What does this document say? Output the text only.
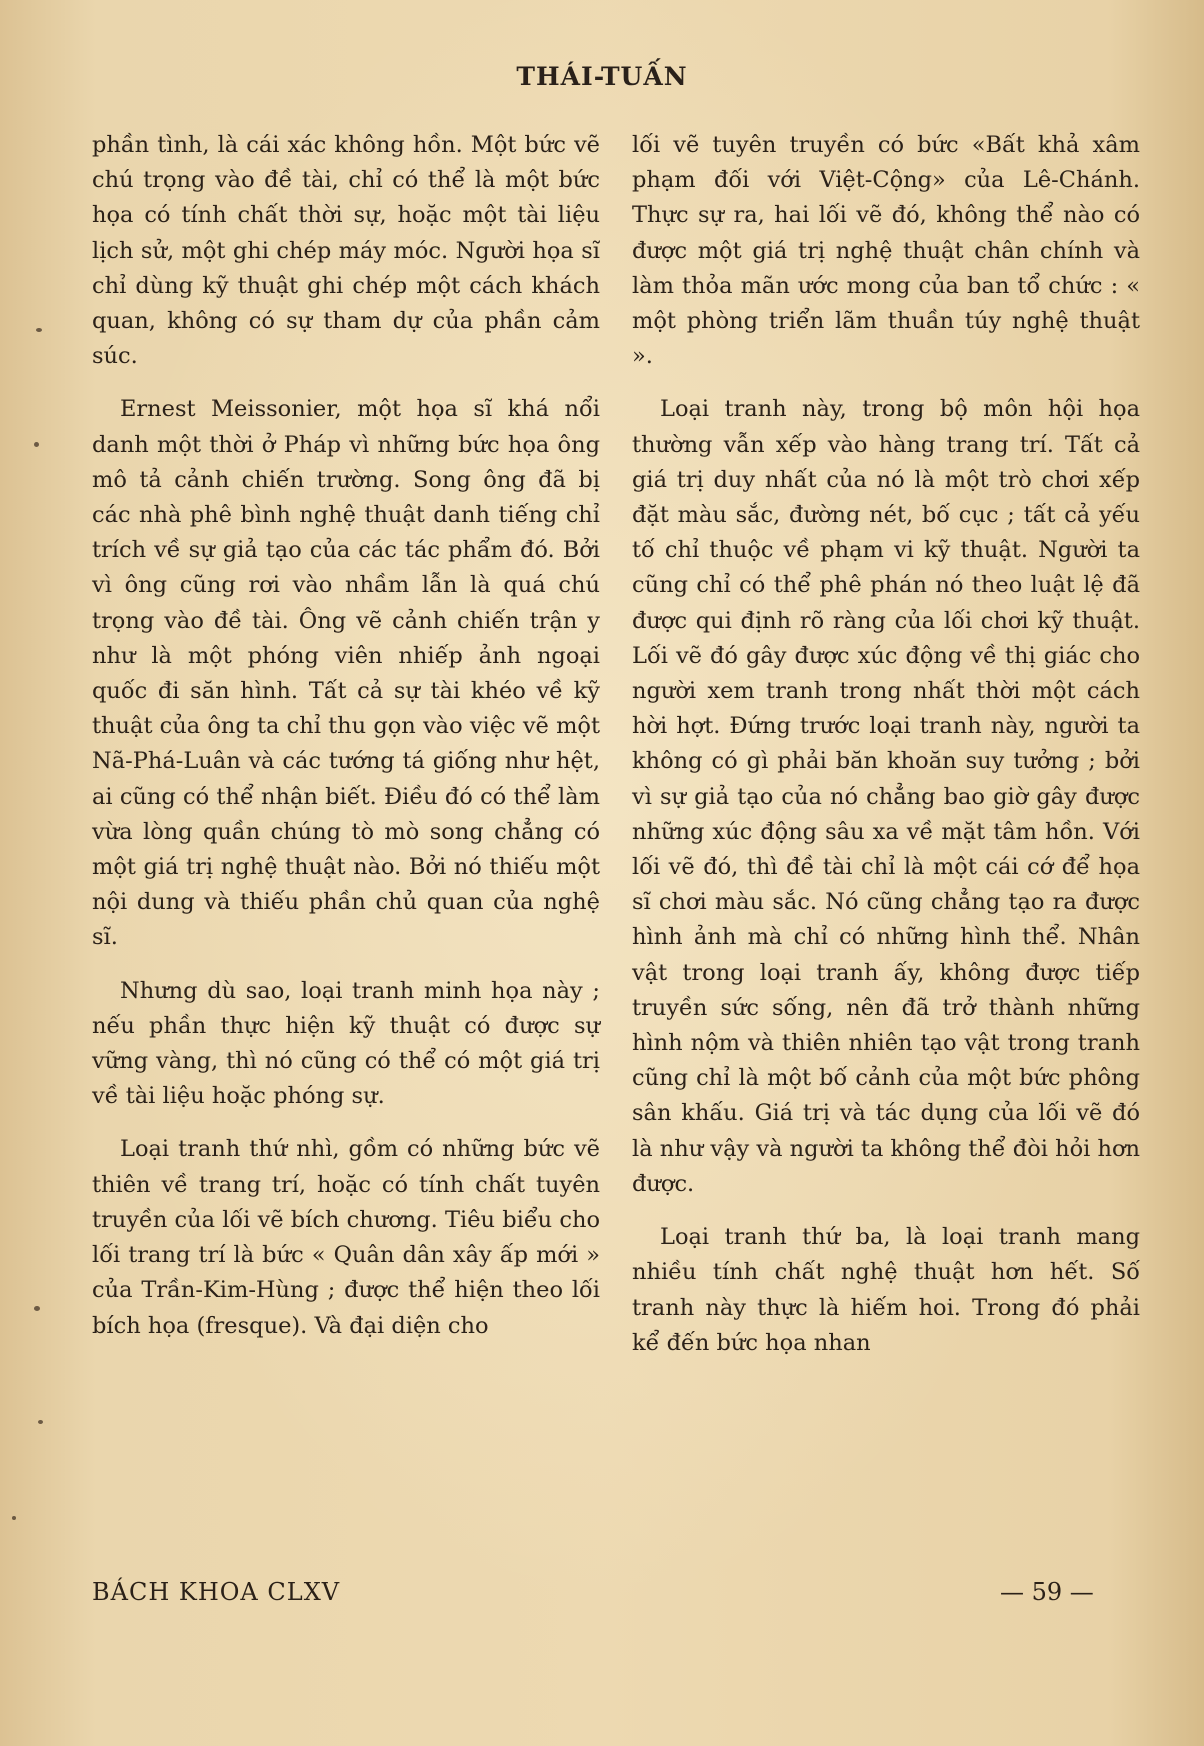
THÁI-TUẤN

phần tình, là cái xác không hồn. Một bức vẽ chú trọng vào đề tài, chỉ có thể là một bức họa có tính chất thời sự, hoặc một tài liệu lịch sử, một ghi chép máy móc. Người họa sĩ chỉ dùng kỹ thuật ghi chép một cách khách quan, không có sự tham dự của phần cảm súc.

Ernest Meissonier, một họa sĩ khá nổi danh một thời ở Pháp vì những bức họa ông mô tả cảnh chiến trường. Song ông đã bị các nhà phê bình nghệ thuật danh tiếng chỉ trích về sự giả tạo của các tác phẩm đó. Bởi vì ông cũng rơi vào nhầm lẫn là quá chú trọng vào đề tài. Ông vẽ cảnh chiến trận y như là một phóng viên nhiếp ảnh ngoại quốc đi săn hình. Tất cả sự tài khéo về kỹ thuật của ông ta chỉ thu gọn vào việc vẽ một Nã-Phá-Luân và các tướng tá giống như hệt, ai cũng có thể nhận biết. Điều đó có thể làm vừa lòng quần chúng tò mò song chẳng có một giá trị nghệ thuật nào. Bởi nó thiếu một nội dung và thiếu phần chủ quan của nghệ sĩ.

Nhưng dù sao, loại tranh minh họa này ; nếu phần thực hiện kỹ thuật có được sự vững vàng, thì nó cũng có thể có một giá trị về tài liệu hoặc phóng sự.

Loại tranh thứ nhì, gồm có những bức vẽ thiên về trang trí, hoặc có tính chất tuyên truyền của lối vẽ bích chương. Tiêu biểu cho lối trang trí là bức « Quân dân xây ấp mới » của Trần-Kim-Hùng ; được thể hiện theo lối bích họa (fresque). Và đại diện cho

lối vẽ tuyên truyền có bức «Bất khả xâm phạm đối với Việt-Cộng» của Lê-Chánh. Thực sự ra, hai lối vẽ đó, không thể nào có được một giá trị nghệ thuật chân chính và làm thỏa mãn ước mong của ban tổ chức : « một phòng triển lãm thuần túy nghệ thuật ».

Loại tranh này, trong bộ môn hội họa thường vẫn xếp vào hàng trang trí. Tất cả giá trị duy nhất của nó là một trò chơi xếp đặt màu sắc, đường nét, bố cục ; tất cả yếu tố chỉ thuộc về phạm vi kỹ thuật. Người ta cũng chỉ có thể phê phán nó theo luật lệ đã được qui định rõ ràng của lối chơi kỹ thuật. Lối vẽ đó gây được xúc động về thị giác cho người xem tranh trong nhất thời một cách hời hợt. Đứng trước loại tranh này, người ta không có gì phải băn khoăn suy tưởng ; bởi vì sự giả tạo của nó chẳng bao giờ gây được những xúc động sâu xa về mặt tâm hồn. Với lối vẽ đó, thì đề tài chỉ là một cái cớ để họa sĩ chơi màu sắc. Nó cũng chẳng tạo ra được hình ảnh mà chỉ có những hình thể. Nhân vật trong loại tranh ấy, không được tiếp truyền sức sống, nên đã trở thành những hình nộm và thiên nhiên tạo vật trong tranh cũng chỉ là một bố cảnh của một bức phông sân khấu. Giá trị và tác dụng của lối vẽ đó là như vậy và người ta không thể đòi hỏi hơn được.

Loại tranh thứ ba, là loại tranh mang nhiều tính chất nghệ thuật hơn hết. Số tranh này thực là hiếm hoi. Trong đó phải kể đến bức họa nhan

BÁCH KHOA CLXV	— 59 —
